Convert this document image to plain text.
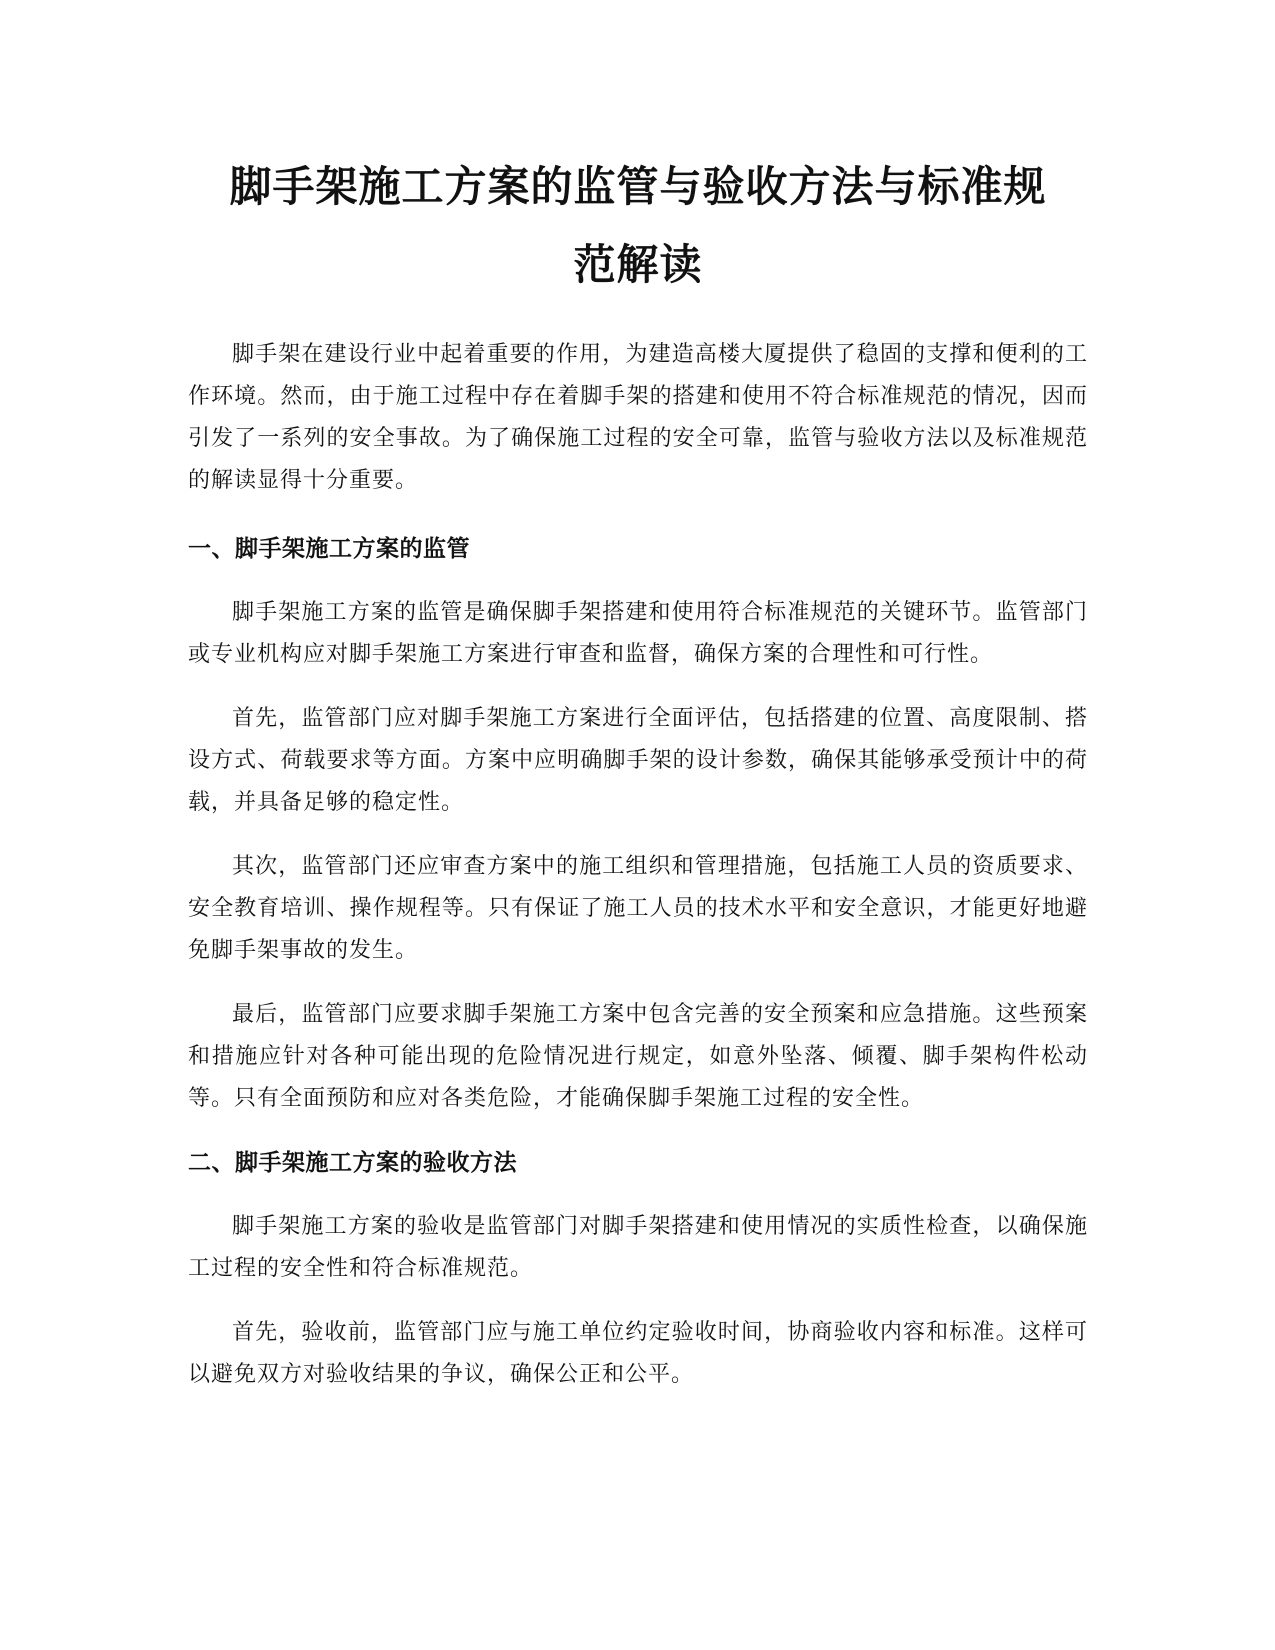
脚手架施工方案的监管与验收方法与标准规
范解读

脚手架在建设行业中起着重要的作用，为建造高楼大厦提供了稳固的支撑和便利的工作环境。然而，由于施工过程中存在着脚手架的搭建和使用不符合标准规范的情况，因而引发了一系列的安全事故。为了确保施工过程的安全可靠，监管与验收方法以及标准规范的解读显得十分重要。

一、脚手架施工方案的监管

脚手架施工方案的监管是确保脚手架搭建和使用符合标准规范的关键环节。监管部门或专业机构应对脚手架施工方案进行审查和监督，确保方案的合理性和可行性。

首先，监管部门应对脚手架施工方案进行全面评估，包括搭建的位置、高度限制、搭设方式、荷载要求等方面。方案中应明确脚手架的设计参数，确保其能够承受预计中的荷载，并具备足够的稳定性。

其次，监管部门还应审查方案中的施工组织和管理措施，包括施工人员的资质要求、安全教育培训、操作规程等。只有保证了施工人员的技术水平和安全意识，才能更好地避免脚手架事故的发生。

最后，监管部门应要求脚手架施工方案中包含完善的安全预案和应急措施。这些预案和措施应针对各种可能出现的危险情况进行规定，如意外坠落、倾覆、脚手架构件松动等。只有全面预防和应对各类危险，才能确保脚手架施工过程的安全性。

二、脚手架施工方案的验收方法

脚手架施工方案的验收是监管部门对脚手架搭建和使用情况的实质性检查，以确保施工过程的安全性和符合标准规范。

首先，验收前，监管部门应与施工单位约定验收时间，协商验收内容和标准。这样可以避免双方对验收结果的争议，确保公正和公平。
